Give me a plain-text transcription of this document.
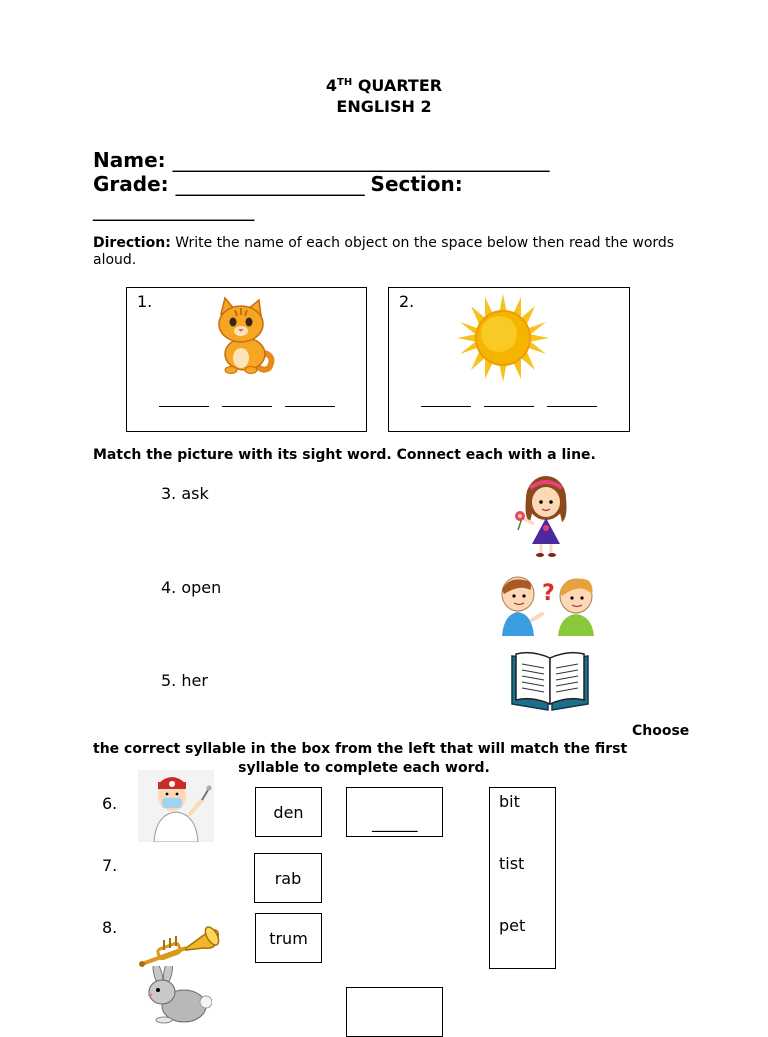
4TH QUARTER
ENGLISH 2
Name: __________________________________________
Grade: _____________________ Section:
__________________
Direction: Write the name of each object on the space below then read the words aloud.
1.	2.
Match the picture with its sight word. Connect each with a line.
3. ask
4. open
5. her
?
Choose
the correct syllable in the box from the left that will match the first
syllable to complete each word.
6.	den
______
7.
rab
8.
trum
bit
tist
pet
